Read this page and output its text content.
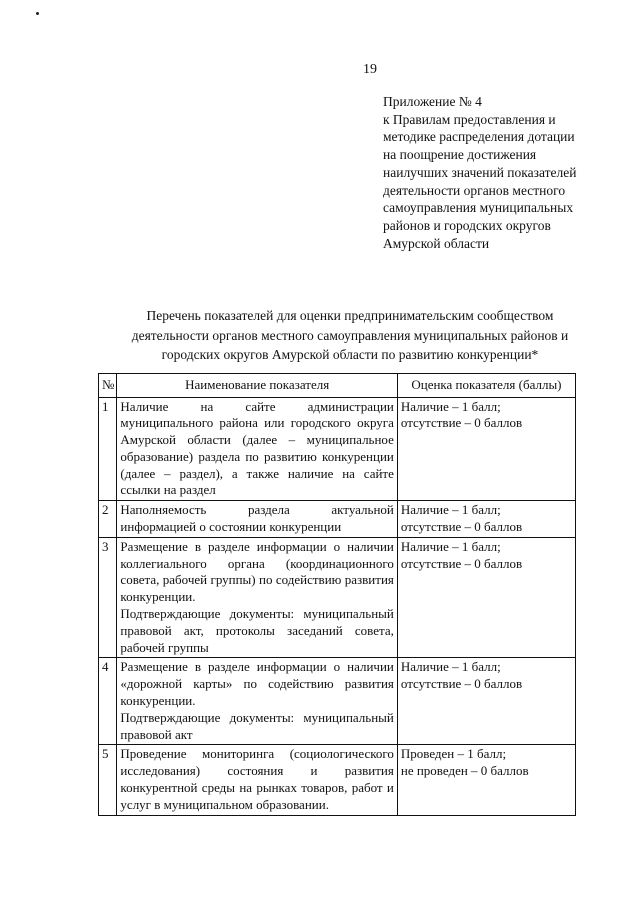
19
Приложение № 4
к Правилам предоставления и методике распределения дотации на поощрение достижения наилучших значений показателей деятельности органов местного самоуправления муниципальных районов и городских округов Амурской области
Перечень показателей для оценки предпринимательским сообществом деятельности органов местного самоуправления муниципальных районов и городских округов Амурской области по развитию конкуренции*
№	Наименование показателя	Оценка показателя (баллы)
1	Наличие на сайте администрации муниципального района или городского округа Амурской области (далее – муниципальное образование) раздела по развитию конкуренции (далее – раздел), а также наличие на сайте ссылки на раздел	Наличие – 1 балл;
отсутствие – 0 баллов

2	Наполняемость раздела актуальной информацией о состоянии конкуренции	Наличие – 1 балл;
отсутствие – 0 баллов

3	Размещение в разделе информации о наличии коллегиального органа (координационного совета, рабочей группы) по содействию развития конкуренции.
Подтверждающие документы: муниципальный правовой акт, протоколы заседаний совета, рабочей группы	Наличие – 1 балл;
отсутствие – 0 баллов

4	Размещение в разделе информации о наличии «дорожной карты» по содействию развития конкуренции.
Подтверждающие документы: муниципальный правовой акт	Наличие – 1 балл;
отсутствие – 0 баллов

5	Проведение мониторинга (социологического исследования) состояния и развития конкурентной среды на рынках товаров, работ и услуг в муниципальном образовании.	Проведен – 1 балл;
не проведен – 0 баллов
